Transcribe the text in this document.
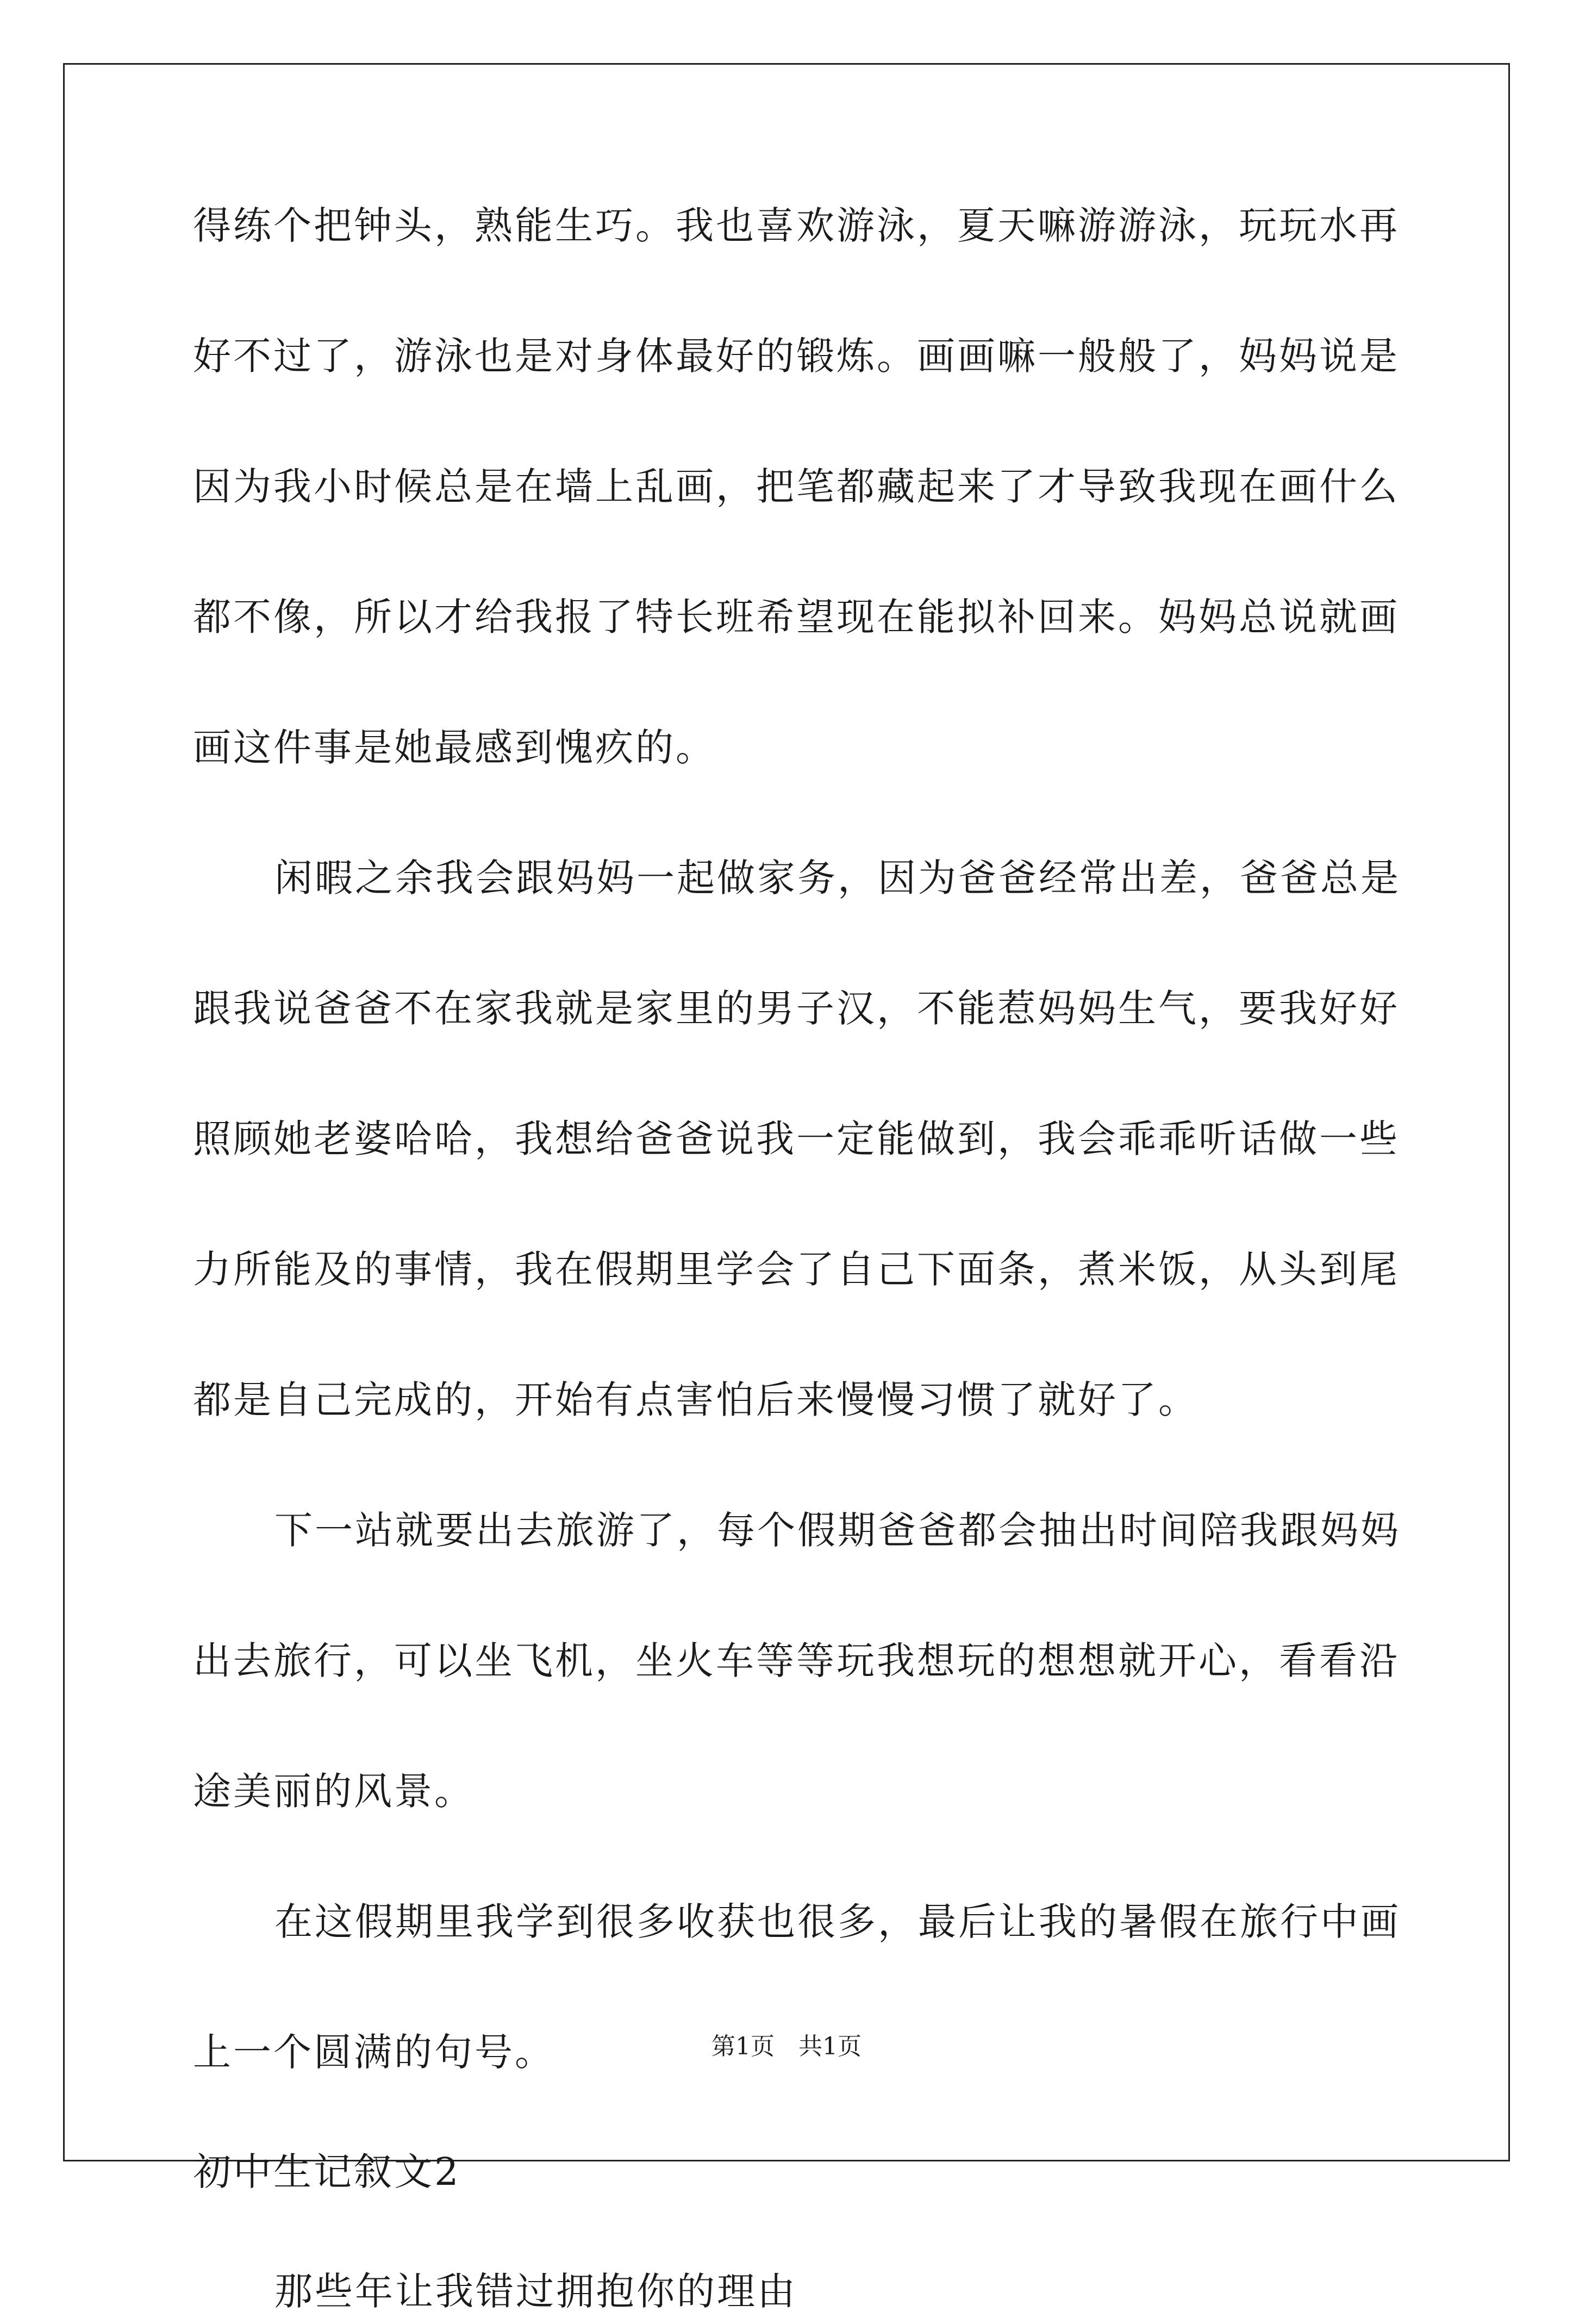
得练个把钟头，熟能生巧。我也喜欢游泳，夏天嘛游游泳，玩玩水再
好不过了，游泳也是对身体最好的锻炼。画画嘛一般般了，妈妈说是
因为我小时候总是在墙上乱画，把笔都藏起来了才导致我现在画什么
都不像，所以才给我报了特长班希望现在能拟补回来。妈妈总说就画
画这件事是她最感到愧疚的。
闲暇之余我会跟妈妈一起做家务，因为爸爸经常出差，爸爸总是
跟我说爸爸不在家我就是家里的男子汉，不能惹妈妈生气，要我好好
照顾她老婆哈哈，我想给爸爸说我一定能做到，我会乖乖听话做一些
力所能及的事情，我在假期里学会了自己下面条，煮米饭，从头到尾
都是自己完成的，开始有点害怕后来慢慢习惯了就好了。
下一站就要出去旅游了，每个假期爸爸都会抽出时间陪我跟妈妈
出去旅行，可以坐飞机，坐火车等等玩我想玩的想想就开心，看看沿
途美丽的风景。
在这假期里我学到很多收获也很多，最后让我的暑假在旅行中画
上一个圆满的句号。
初中生记叙文2
那些年让我错过拥抱你的理由
第1页　共1页
